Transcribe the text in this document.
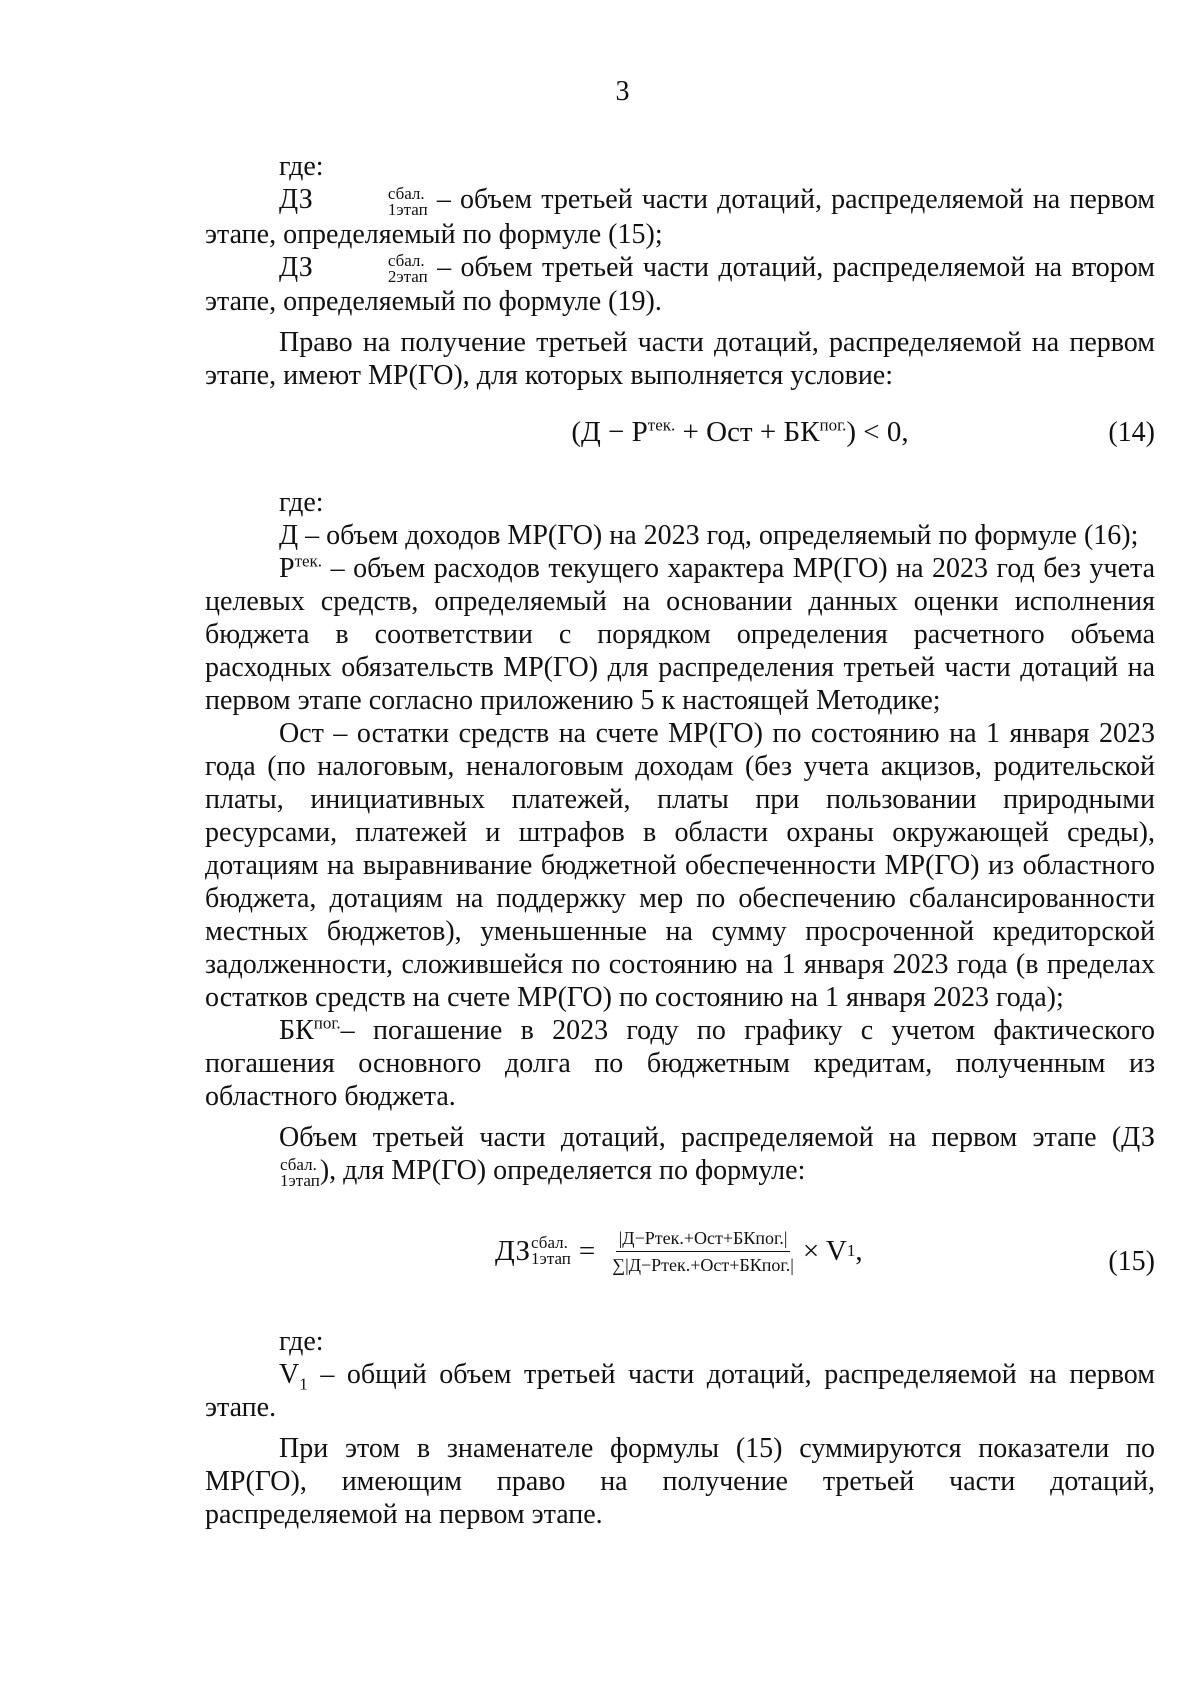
3

где:

ДЗ	сбал.
1этап – объем третьей части дотаций, распределяемой на первом этапе, определяемый по формуле (15);

ДЗ	сбал.
2этап – объем третьей части дотаций, распределяемой на втором этапе, определяемый по формуле (19).

Право на получение третьей части дотаций, распределяемой на первом этапе, имеют МР(ГО), для которых выполняется условие:

($Д - Р^{тек.}$ + Ост + $БК^{пог.}) < 0$,	(14)

где:

Д – объем доходов МР(ГО) на 2023 год, определяемый по формуле (16);

$Р^{тек.}$ – объем расходов текущего характера МР(ГО) на 2023 год без учета целевых средств, определяемый на основании данных оценки исполнения бюджета в соответствии с порядком определения расчетного объема расходных обязательств МР(ГО) для распределения третьей части дотаций на первом этапе согласно приложению 5 к настоящей Методике;

Ост – остатки средств на счете МР(ГО) по состоянию на 1 января 2023 года (по налоговым, неналоговым доходам (без учета акцизов, родительской платы, инициативных платежей, платы при пользовании природными ресурсами, платежей и штрафов в области охраны окружающей среды), дотациям на выравнивание бюджетной обеспеченности МР(ГО) из областного бюджета, дотациям на поддержку мер по обеспечению сбалансированности местных бюджетов), уменьшенные на сумму просроченной кредиторской задолженности, сложившейся по состоянию на 1 января 2023 года (в пределах остатков средств на счете МР(ГО) по состоянию на 1 января 2023 года);

$БК^{пог.}-$ погашение в 2023 году по графику с учетом фактического погашения основного долга по бюджетным кредитам, полученным из областного бюджета.

Объем третьей части дотаций, распределяемой на первом этапе (ДЗ
сбал.
1этап ), для МР(ГО) определяется по формуле:

ДЗ сбал.
1этап = $\frac{\text{|Д−Ртек.+Ост+БКпог.|}}{\text{∑|Д−Ртек.+Ост+БКпог.|}} \times V$ 1 ,	(15)

где:

$V_1$ – общий объем третьей части дотаций, распределяемой на первом этапе.

При этом в знаменателе формулы (15) суммируются показатели по МР(ГО), имеющим право на получение третьей части дотаций, распределяемой на первом этапе.
